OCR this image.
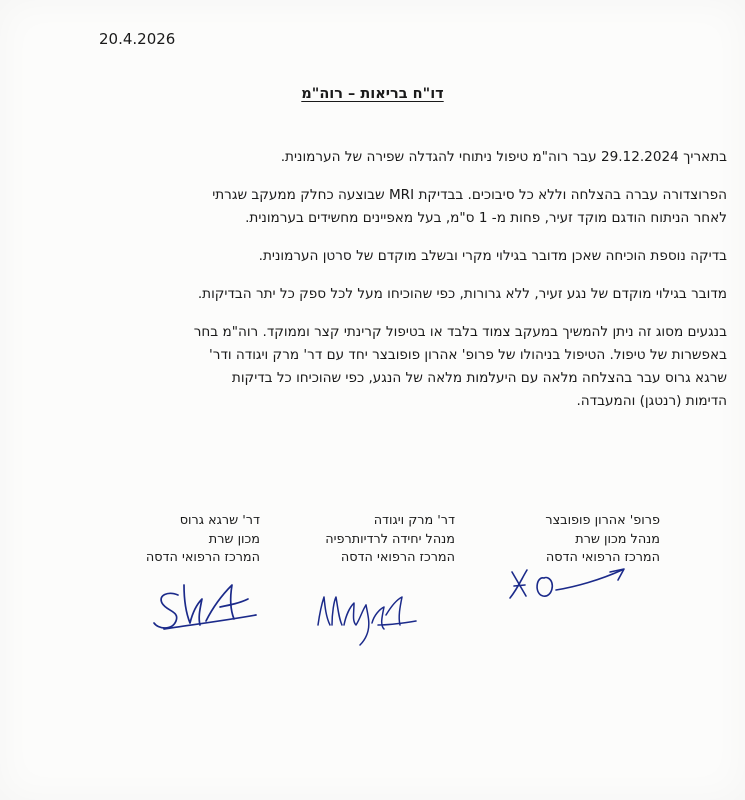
20.4.2026
דו"ח בריאות – רוה"מ

בתאריך 29.12.2024 עבר רוה"מ טיפול ניתוחי להגדלה שפירה של הערמונית.

הפרוצדורה עברה בהצלחה וללא כל סיבוכים. בבדיקת MRI שבוצעה כחלק ממעקב שגרתי
לאחר הניתוח הודגם מוקד זעיר, פחות מ- 1 ס"מ, בעל מאפיינים מחשידים בערמונית.

בדיקה נוספת הוכיחה שאכן מדובר בגילוי מקרי ובשלב מוקדם של סרטן הערמונית.

מדובר בגילוי מוקדם של נגע זעיר, ללא גרורות, כפי שהוכיחו מעל לכל ספק כל יתר הבדיקות.

בנגעים מסוג זה ניתן להמשיך במעקב צמוד בלבד או בטיפול קרינתי קצר וממוקד. רוה"מ בחר
באפשרות של טיפול. הטיפול בניהולו של פרופ' אהרון פופובצר יחד עם דר' מרק ויגודה ודר'
שרגא גרוס עבר בהצלחה מלאה עם היעלמות מלאה של הנגע, כפי שהוכיחו כל בדיקות
הדימות (רנטגן) והמעבדה.

פרופ' אהרון פופובצר
מנהל מכון שרת
המרכז הרפואי הדסה
דר' מרק ויגודה
מנהל יחידה לרדיותרפיה
המרכז הרפואי הדסה
דר' שרגא גרוס
מכון שרת
המרכז הרפואי הדסה
